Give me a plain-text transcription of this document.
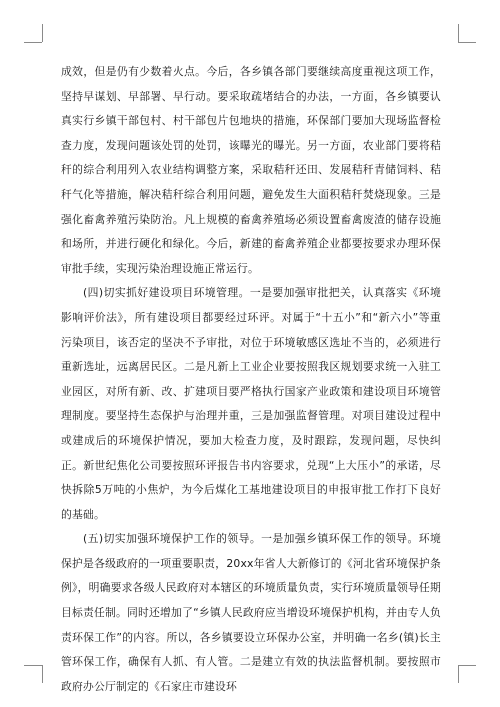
成效，但是仍有少数着火点。今后，各乡镇各部门要继续高度重视这项工作，坚持早谋划、早部署、早行动。要采取疏堵结合的办法，一方面，各乡镇要认真实行乡镇干部包村、村干部包片包地块的措施，环保部门要加大现场监督检查力度，发现问题该处罚的处罚，该曝光的曝光。另一方面，农业部门要将秸秆的综合利用列入农业结构调整方案，采取秸秆还田、发展秸秆青储饲料、秸秆气化等措施，解决秸秆综合利用问题，避免发生大面积秸秆焚烧现象。三是强化畜禽养殖污染防治。凡上规模的畜禽养殖场必须设置畜禽废渣的储存设施和场所，并进行硬化和绿化。今后，新建的畜禽养殖企业都要按要求办理环保审批手续，实现污染治理设施正常运行。

(四)切实抓好建设项目环境管理。一是要加强审批把关，认真落实《环境影响评价法》，所有建设项目都要经过环评。对属于“十五小”和“新六小”等重污染项目，该否定的坚决不予审批，对位于环境敏感区选址不当的，必须进行重新选址，远离居民区。二是凡新上工业企业要按照我区规划要求统一入驻工业园区，对所有新、改、扩建项目要严格执行国家产业政策和建设项目环境管理制度。要坚持生态保护与治理并重，三是加强监督管理。对项目建设过程中或建成后的环境保护情况，要加大检查力度，及时跟踪，发现问题，尽快纠正。新世纪焦化公司要按照环评报告书内容要求，兑现“上大压小”的承诺，尽快拆除5万吨的小焦炉，为今后煤化工基地建设项目的申报审批工作打下良好的基础。

(五)切实加强环境保护工作的领导。一是加强乡镇环保工作的领导。环境保护是各级政府的一项重要职责，20xx年省人大新修订的《河北省环境保护条例》，明确要求各级人民政府对本辖区的环境质量负责，实行环境质量领导任期目标责任制。同时还增加了“乡镇人民政府应当增设环境保护机构，并由专人负责环保工作”的内容。所以，各乡镇要设立环保办公室，并明确一名乡(镇)长主管环保工作，确保有人抓、有人管。二是建立有效的执法监督机制。要按照市政府办公厅制定的《石家庄市建设环
